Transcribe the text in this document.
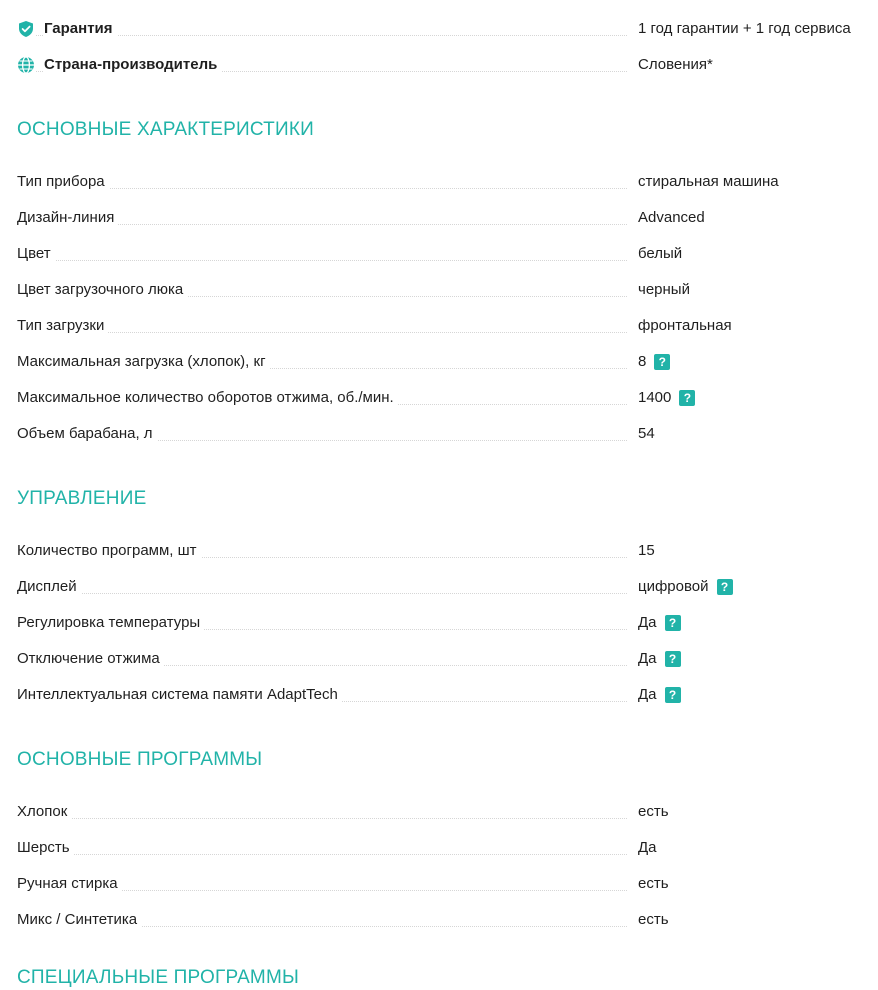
Гарантия	1 год гарантии + 1 год сервиса
Страна-производитель	Словения*
ОСНОВНЫЕ ХАРАКТЕРИСТИКИ
Тип прибора	стиральная машина
Дизайн-линия	Advanced
Цвет	белый
Цвет загрузочного люка	черный
Тип загрузки	фронтальная
Максимальная загрузка (хлопок), кг	8	?
Максимальное количество оборотов отжима, об./мин.	1400	?
Объем барабана, л	54
УПРАВЛЕНИЕ
Количество программ, шт	15
Дисплей	цифровой	?
Регулировка температуры	Да	?
Отключение отжима	Да	?
Интеллектуальная система памяти AdaptTech	Да	?
ОСНОВНЫЕ ПРОГРАММЫ
Хлопок	есть
Шерсть	Да
Ручная стирка	есть
Микс / Синтетика	есть
СПЕЦИАЛЬНЫЕ ПРОГРАММЫ
